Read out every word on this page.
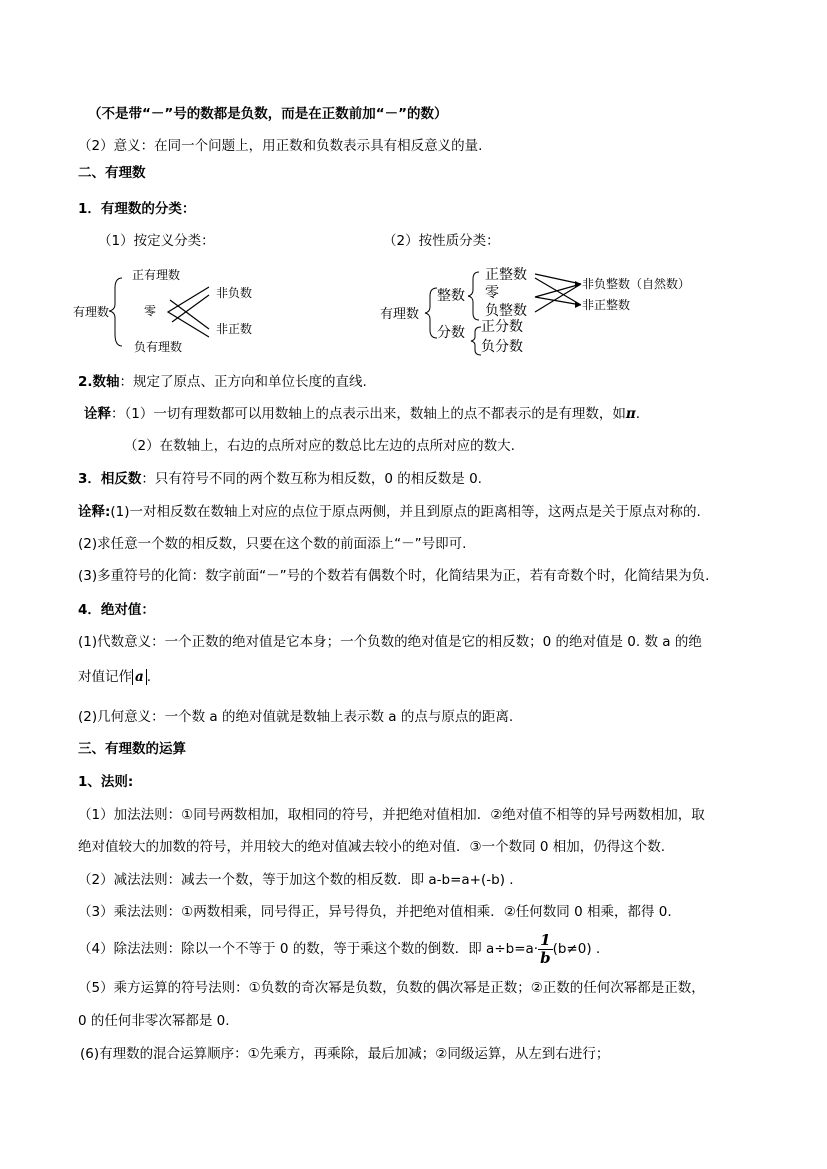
（不是带“－”号的数都是负数，而是在正数前加“－”的数）
（2）意义：在同一个问题上，用正数和负数表示具有相反意义的量.
二、有理数
1．有理数的分类：
（1）按定义分类：	（2）按性质分类：
有理数
正有理数
零
负有理数
非负数
非正数
有理数
整数
分数
正整数
零
负整数
正分数
负分数
非负整数（自然数）
非正整数
2.数轴：规定了原点、正方向和单位长度的直线.
诠释：（1）一切有理数都可以用数轴上的点表示出来，数轴上的点不都表示的是有理数，如π.
（2）在数轴上，右边的点所对应的数总比左边的点所对应的数大.
3．相反数：只有符号不同的两个数互称为相反数，0 的相反数是 0.
诠释:(1)一对相反数在数轴上对应的点位于原点两侧，并且到原点的距离相等，这两点是关于原点对称的.
(2)求任意一个数的相反数，只要在这个数的前面添上“－”号即可.
(3)多重符号的化简：数字前面“－”号的个数若有偶数个时，化简结果为正，若有奇数个时，化简结果为负.
4．绝对值：
(1)代数意义：一个正数的绝对值是它本身；一个负数的绝对值是它的相反数；0 的绝对值是 0. 数 a 的绝
对值记作 a .
(2)几何意义：一个数 a 的绝对值就是数轴上表示数 a 的点与原点的距离.
三、有理数的运算
1、法则:
（1）加法法则：①同号两数相加，取相同的符号，并把绝对值相加．②绝对值不相等的异号两数相加，取
绝对值较大的加数的符号，并用较大的绝对值减去较小的绝对值．③一个数同 0 相加，仍得这个数.
（2）减法法则：减去一个数，等于加这个数的相反数．即 a-b=a+(-b) .
（3）乘法法则：①两数相乘，同号得正，异号得负，并把绝对值相乘．②任何数同 0 相乘，都得 0.
（4）除法法则：除以一个不等于 0 的数，等于乘这个数的倒数．即 $a\div b=a\cdot \frac{1}{b} (b\ne 0)$ .
（5）乘方运算的符号法则：①负数的奇次幂是负数，负数的偶次幂是正数；②正数的任何次幂都是正数，
0 的任何非零次幂都是 0.
(6)有理数的混合运算顺序：①先乘方，再乘除，最后加减；②同级运算，从左到右进行；
